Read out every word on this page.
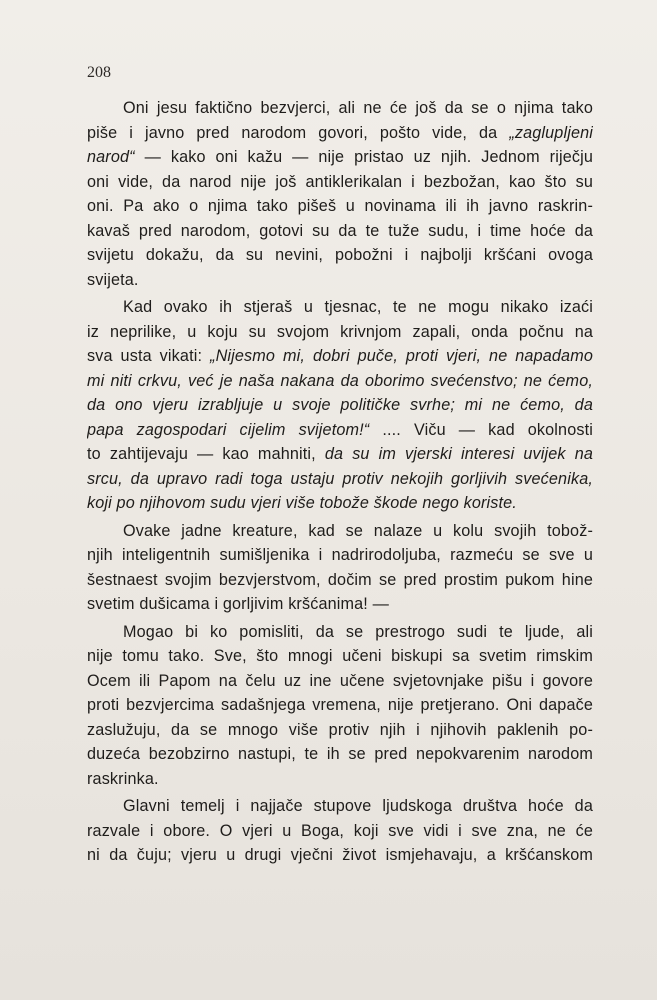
208
Oni jesu faktično bezvjerci, ali ne će još da se o njima tako
piše i javno pred narodom govori, pošto vide, da „zaglupljeni
narod“ — kako oni kažu — nije pristao uz njih. Jednom riječju
oni vide, da narod nije još antiklerikalan i bezbožan, kao što su
oni. Pa ako o njima tako pišeš u novinama ili ih javno raskrin-
kavaš pred narodom, gotovi su da te tuže sudu, i time hoće da
svijetu dokažu, da su nevini, pobožni i najbolji kršćani ovoga
svijeta.
Kad ovako ih stjeraš u tjesnac, te ne mogu nikako izaći
iz neprilike, u koju su svojom krivnjom zapali, onda počnu na
sva usta vikati: „Nijesmo mi, dobri puče, proti vjeri, ne napadamo
mi niti crkvu, već je naša nakana da oborimo svećenstvo; ne ćemo,
da ono vjeru izrabljuje u svoje političke svrhe; mi ne ćemo, da
papa zagospodari cijelim svijetom!“ .... Viču — kad okolnosti
to zahtijevaju — kao mahniti, da su im vjerski interesi uvijek na
srcu, da upravo radi toga ustaju protiv nekojih gorljivih svećenika,
koji po njihovom sudu vjeri više tobože škode nego koriste.
Ovake jadne kreature, kad se nalaze u kolu svojih tobož-
njih inteligentnih sumišljenika i nadrirodoljuba, razmeću se sve u
šestnaest svojim bezvjerstvom, dočim se pred prostim pukom hine
svetim dušicama i gorljivim kršćanima! —
Mogao bi ko pomisliti, da se prestrogo sudi te ljude, ali
nije tomu tako. Sve, što mnogi učeni biskupi sa svetim rimskim
Ocem ili Papom na čelu uz ine učene svjetovnjake pišu i govore
proti bezvjercima sadašnjega vremena, nije pretjerano. Oni dapače
zaslužuju, da se mnogo više protiv njih i njihovih paklenih po-
duzeća bezobzirno nastupi, te ih se pred nepokvarenim narodom
raskrinka.
Glavni temelj i najjače stupove ljudskoga društva hoće da
razvale i obore. O vjeri u Boga, koji sve vidi i sve zna, ne će
ni da čuju; vjeru u drugi vječni život ismjehavaju, a kršćanskom
